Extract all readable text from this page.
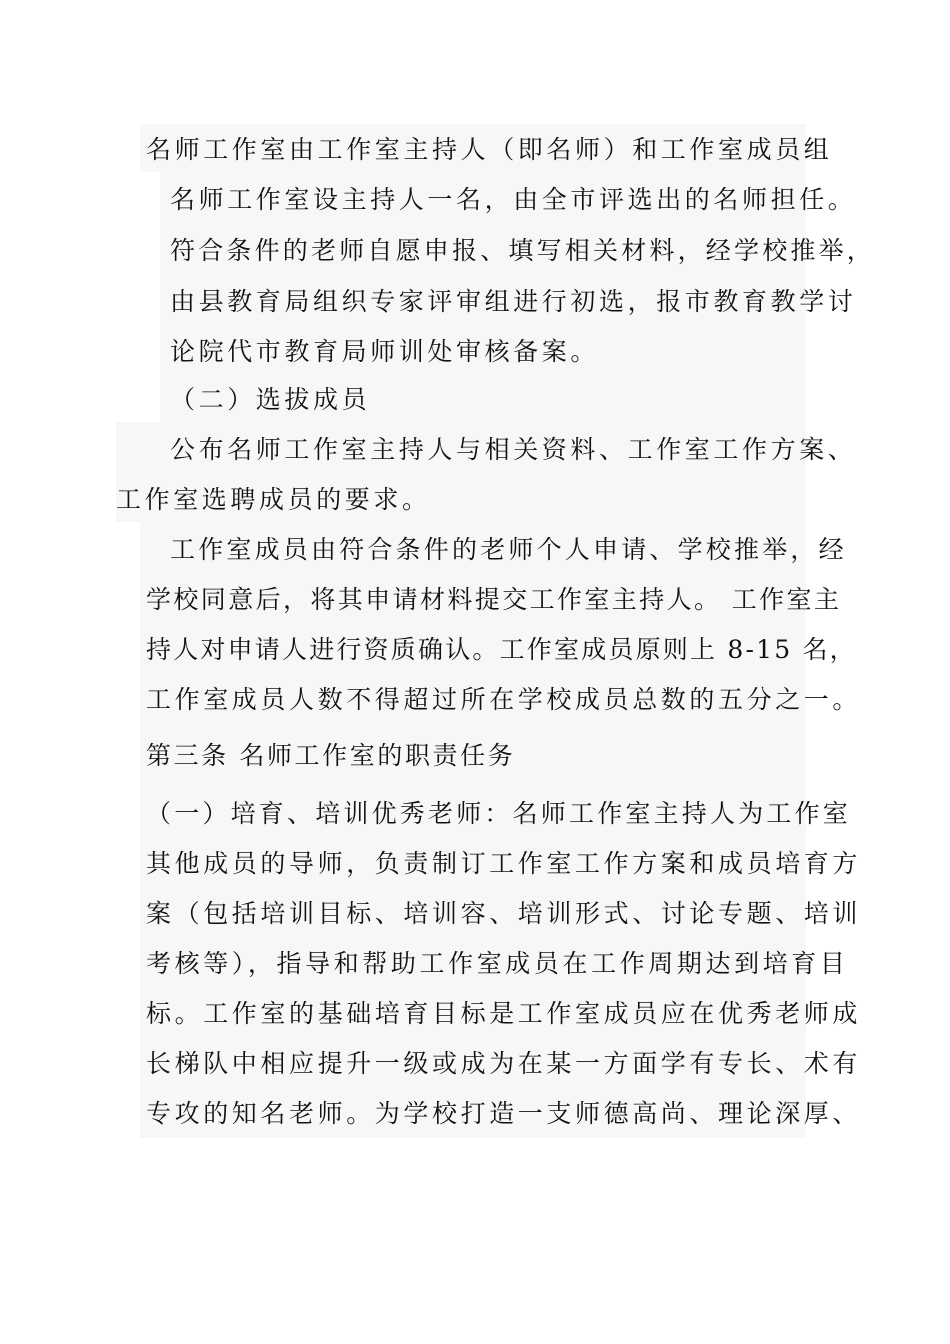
名师工作室由工作室主持人（即名师）和工作室成员组
名师工作室设主持人一名，由全市评选出的名师担任。
符合条件的老师自愿申报、填写相关材料，经学校推举，
由县教育局组织专家评审组进行初选，报市教育教学讨
论院代市教育局师训处审核备案。
（二）选拔成员
公布名师工作室主持人与相关资料、工作室工作方案、
工作室选聘成员的要求。
工作室成员由符合条件的老师个人申请、学校推举，经
学校同意后，将其申请材料提交工作室主持人。 工作室主
持人对申请人进行资质确认。工作室成员原则上 8-15 名，
工作室成员人数不得超过所在学校成员总数的五分之一。
第三条 名师工作室的职责任务
（一）培育、培训优秀老师：名师工作室主持人为工作室
其他成员的导师，负责制订工作室工作方案和成员培育方
案（包括培训目标、培训容、培训形式、讨论专题、培训
考核等），指导和帮助工作室成员在工作周期达到培育目
标。工作室的基础培育目标是工作室成员应在优秀老师成
长梯队中相应提升一级或成为在某一方面学有专长、术有
专攻的知名老师。为学校打造一支师德高尚、理论深厚、
